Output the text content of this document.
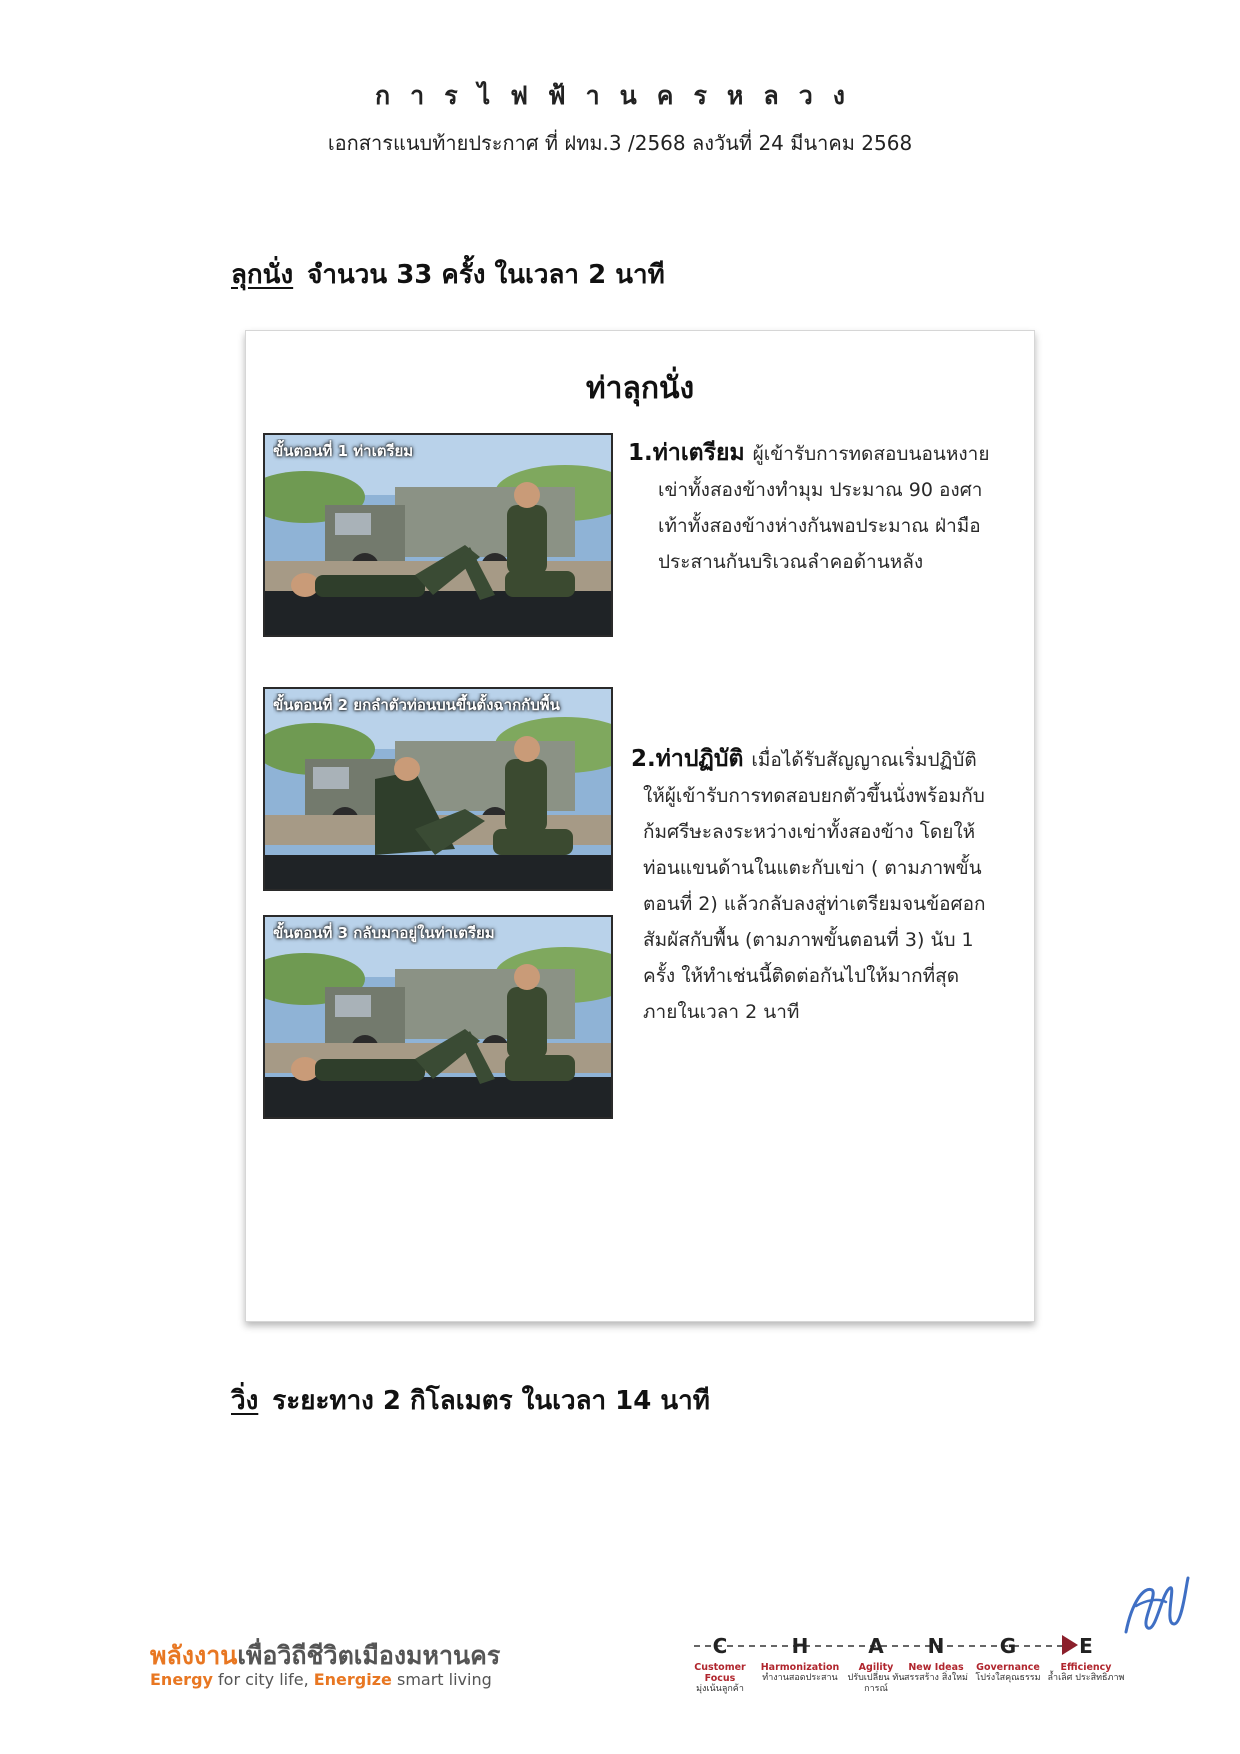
การไฟฟ้านครหลวง
เอกสารแนบท้ายประกาศ ที่ ฝทม.3 /2568 ลงวันที่ 24 มีนาคม 2568
ลุกนั่ง จำนวน 33 ครั้ง ในเวลา 2 นาที
ท่าลุกนั่ง
ขั้นตอนที่ 1 ท่าเตรียม	1.ท่าเตรียม ผู้เข้ารับการทดสอบนอนหงาย
เข่าทั้งสองข้างทำมุม ประมาณ 90 องศา
เท้าทั้งสองข้างห่างกันพอประมาณ ฝ่ามือ
ประสานกันบริเวณลำคอด้านหลัง
ขั้นตอนที่ 2 ยกลำตัวท่อนบนขึ้นตั้งฉากกับพื้น
2.ท่าปฏิบัติ เมื่อได้รับสัญญาณเริ่มปฏิบัติ
ให้ผู้เข้ารับการทดสอบยกตัวขึ้นนั่งพร้อมกับ
ก้มศรีษะลงระหว่างเข่าทั้งสองข้าง โดยให้
ท่อนแขนด้านในแตะกับเข่า ( ตามภาพขั้น
ตอนที่ 2) แล้วกลับลงสู่ท่าเตรียมจนข้อศอก
สัมผัสกับพื้น (ตามภาพขั้นตอนที่ 3) นับ 1
ครั้ง ให้ทำเช่นนี้ติดต่อกันไปให้มากที่สุด
ภายในเวลา 2 นาที
ขั้นตอนที่ 3 กลับมาอยู่ในท่าเตรียม
วิ่ง ระยะทาง 2 กิโลเมตร ในเวลา 14 นาที
พลังงานเพื่อวิถีชีวิตเมืองมหานคร
Energy for city life, Energize smart living
C	H	A N	G	E
Customer Focus
มุ่งเน้นลูกค้า
Harmonization
ทำงานสอดประสาน
Agility
ปรับเปลี่ยน ทันการณ์
New Ideas
สรรสร้าง สิ่งใหม่
Governance
โปร่งใสคุณธรรม
Efficiency
ล้ำเลิศ ประสิทธิภาพ
